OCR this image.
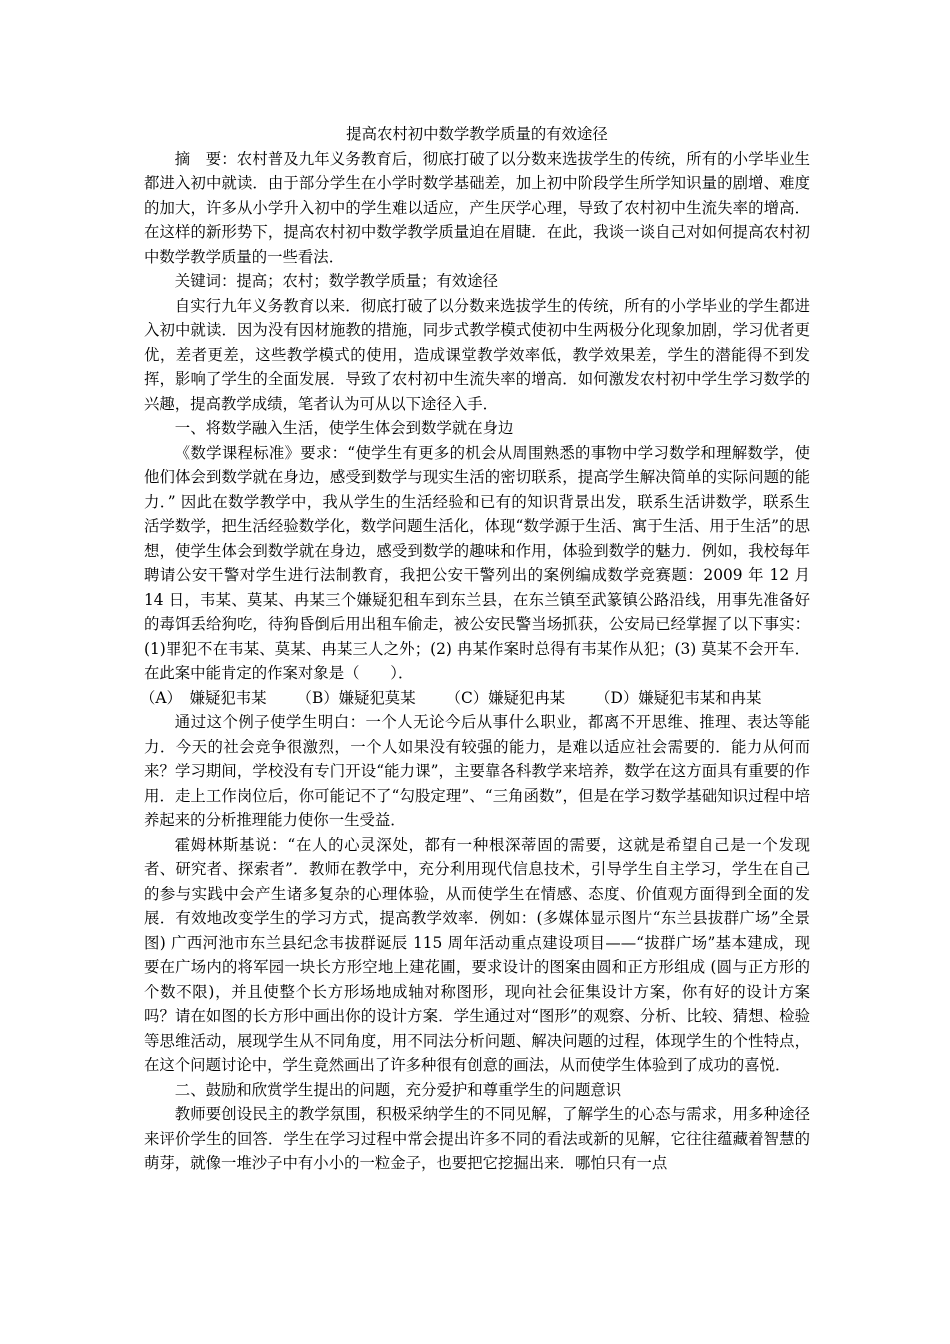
提高农村初中数学教学质量的有效途径

摘　要：农村普及九年义务教育后，彻底打破了以分数来选拔学生的传统，所有的小学毕业生都进入初中就读．由于部分学生在小学时数学基础差，加上初中阶段学生所学知识量的剧增、难度的加大，许多从小学升入初中的学生难以适应，产生厌学心理，导致了农村初中生流失率的增高．在这样的新形势下，提高农村初中数学教学质量迫在眉睫．在此，我谈一谈自己对如何提高农村初中数学教学质量的一些看法．

关键词：提高；农村；数学教学质量；有效途径

自实行九年义务教育以来．彻底打破了以分数来选拔学生的传统，所有的小学毕业的学生都进入初中就读．因为没有因材施教的措施，同步式教学模式使初中生两极分化现象加剧，学习优者更优，差者更差，这些教学模式的使用，造成课堂教学效率低，教学效果差，学生的潜能得不到发挥，影响了学生的全面发展．导致了农村初中生流失率的增高．如何激发农村初中学生学习数学的兴趣，提高教学成绩，笔者认为可从以下途径入手．

一、将数学融入生活，使学生体会到数学就在身边

《数学课程标准》要求：“使学生有更多的机会从周围熟悉的事物中学习数学和理解数学，使他们体会到数学就在身边，感受到数学与现实生活的密切联系，提高学生解决简单的实际问题的能力．” 因此在数学教学中，我从学生的生活经验和已有的知识背景出发，联系生活讲数学，联系生活学数学，把生活经验数学化，数学问题生活化，体现“数学源于生活、寓于生活、用于生活”的思想，使学生体会到数学就在身边，感受到数学的趣味和作用，体验到数学的魅力．例如，我校每年聘请公安干警对学生进行法制教育，我把公安干警列出的案例编成数学竞赛题：2009 年 12 月 14 日，韦某、莫某、冉某三个嫌疑犯租车到东兰县，在东兰镇至武篆镇公路沿线，用事先准备好的毒饵丢给狗吃，待狗昏倒后用出租车偷走，被公安民警当场抓获，公安局已经掌握了以下事实：(1)罪犯不在韦某、莫某、冉某三人之外；(2) 冉某作案时总得有韦某作从犯；(3) 莫某不会开车．在此案中能肯定的作案对象是（　　）．

（A）　嫌疑犯韦某 （B）嫌疑犯莫某 （C）嫌疑犯冉某 （D）嫌疑犯韦某和冉某

通过这个例子使学生明白：一个人无论今后从事什么职业，都离不开思维、推理、表达等能力．今天的社会竞争很激烈，一个人如果没有较强的能力，是难以适应社会需要的．能力从何而来？学习期间，学校没有专门开设“能力课”，主要靠各科教学来培养，数学在这方面具有重要的作用．走上工作岗位后，你可能记不了“勾股定理”、“三角函数”，但是在学习数学基础知识过程中培养起来的分析推理能力使你一生受益．

霍姆林斯基说：“在人的心灵深处，都有一种根深蒂固的需要，这就是希望自己是一个发现者、研究者、探索者”．教师在教学中，充分利用现代信息技术，引导学生自主学习，学生在自己的参与实践中会产生诸多复杂的心理体验，从而使学生在情感、态度、价值观方面得到全面的发展．有效地改变学生的学习方式，提高教学效率．例如：(多媒体显示图片“东兰县拔群广场”全景图) 广西河池市东兰县纪念韦拔群诞辰 115 周年活动重点建设项目——“拔群广场”基本建成，现要在广场内的将军园一块长方形空地上建花圃，要求设计的图案由圆和正方形组成 (圆与正方形的个数不限)，并且使整个长方形场地成轴对称图形，现向社会征集设计方案，你有好的设计方案吗？请在如图的长方形中画出你的设计方案．学生通过对“图形”的观察、分析、比较、猜想、检验等思维活动，展现学生从不同角度，用不同法分析问题、解决问题的过程，体现学生的个性特点，在这个问题讨论中，学生竟然画出了许多种很有创意的画法，从而使学生体验到了成功的喜悦．

二、鼓励和欣赏学生提出的问题，充分爱护和尊重学生的问题意识

教师要创设民主的教学氛围，积极采纳学生的不同见解，了解学生的心态与需求，用多种途径来评价学生的回答．学生在学习过程中常会提出许多不同的看法或新的见解，它往往蕴藏着智慧的萌芽，就像一堆沙子中有小小的一粒金子，也要把它挖掘出来．哪怕只有一点
